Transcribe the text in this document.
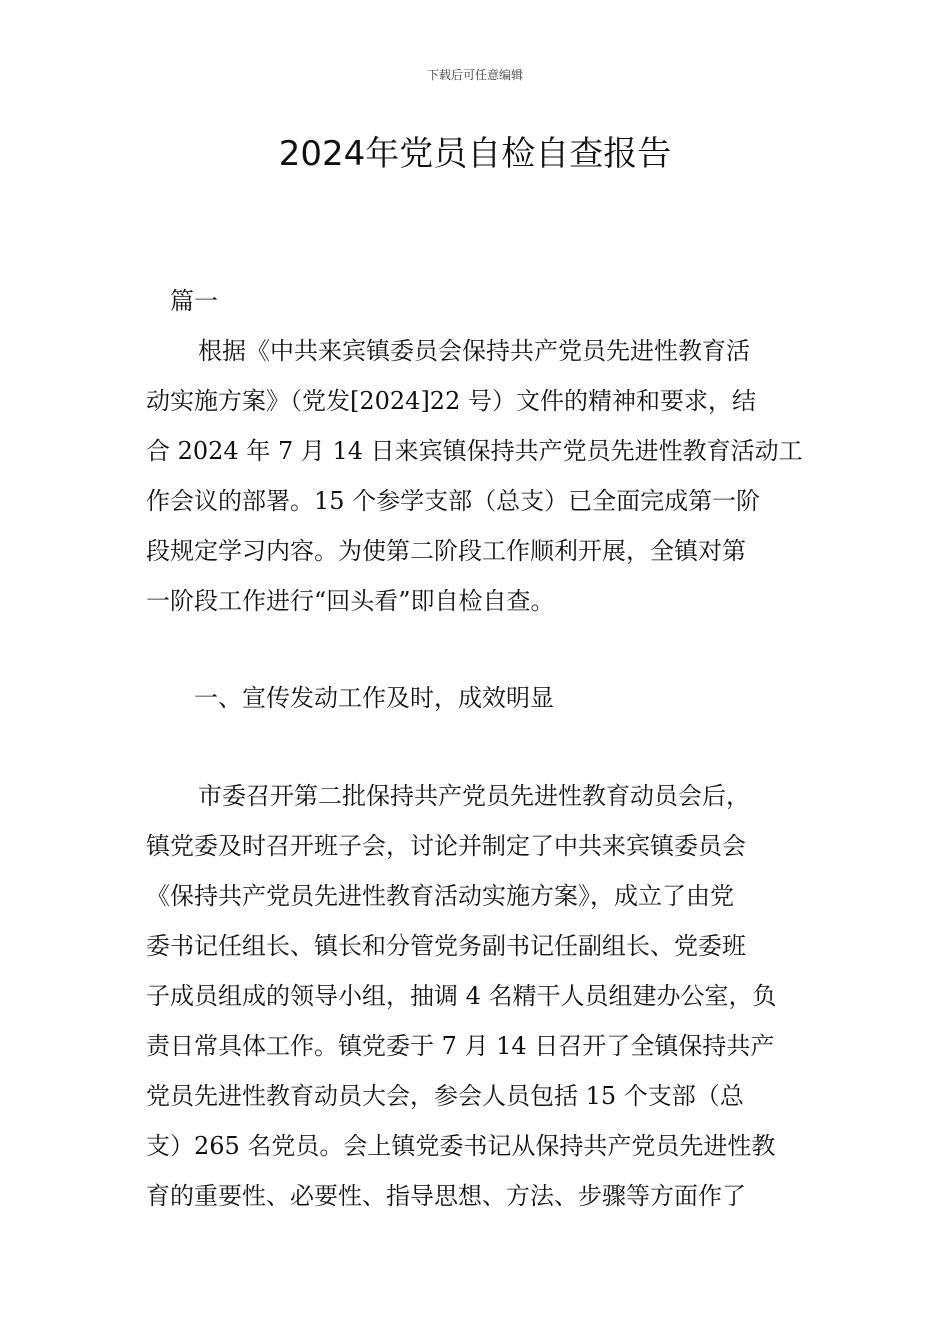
下载后可任意编辑
2024年党员自检自查报告
篇一
根据《中共来宾镇委员会保持共产党员先进性教育活
动实施方案》（党发[2024]22 号）文件的精神和要求，结
合 2024 年 7 月 14 日来宾镇保持共产党员先进性教育活动工
作会议的部署。15 个参学支部（总支）已全面完成第一阶
段规定学习内容。为使第二阶段工作顺利开展，全镇对第
一阶段工作进行“回头看”即自检自查。
一、宣传发动工作及时，成效明显
市委召开第二批保持共产党员先进性教育动员会后，
镇党委及时召开班子会，讨论并制定了中共来宾镇委员会
《保持共产党员先进性教育活动实施方案》，成立了由党
委书记任组长、镇长和分管党务副书记任副组长、党委班
子成员组成的领导小组，抽调 4 名精干人员组建办公室，负
责日常具体工作。镇党委于 7 月 14 日召开了全镇保持共产
党员先进性教育动员大会，参会人员包括 15 个支部（总
支）265 名党员。会上镇党委书记从保持共产党员先进性教
育的重要性、必要性、指导思想、方法、步骤等方面作了
